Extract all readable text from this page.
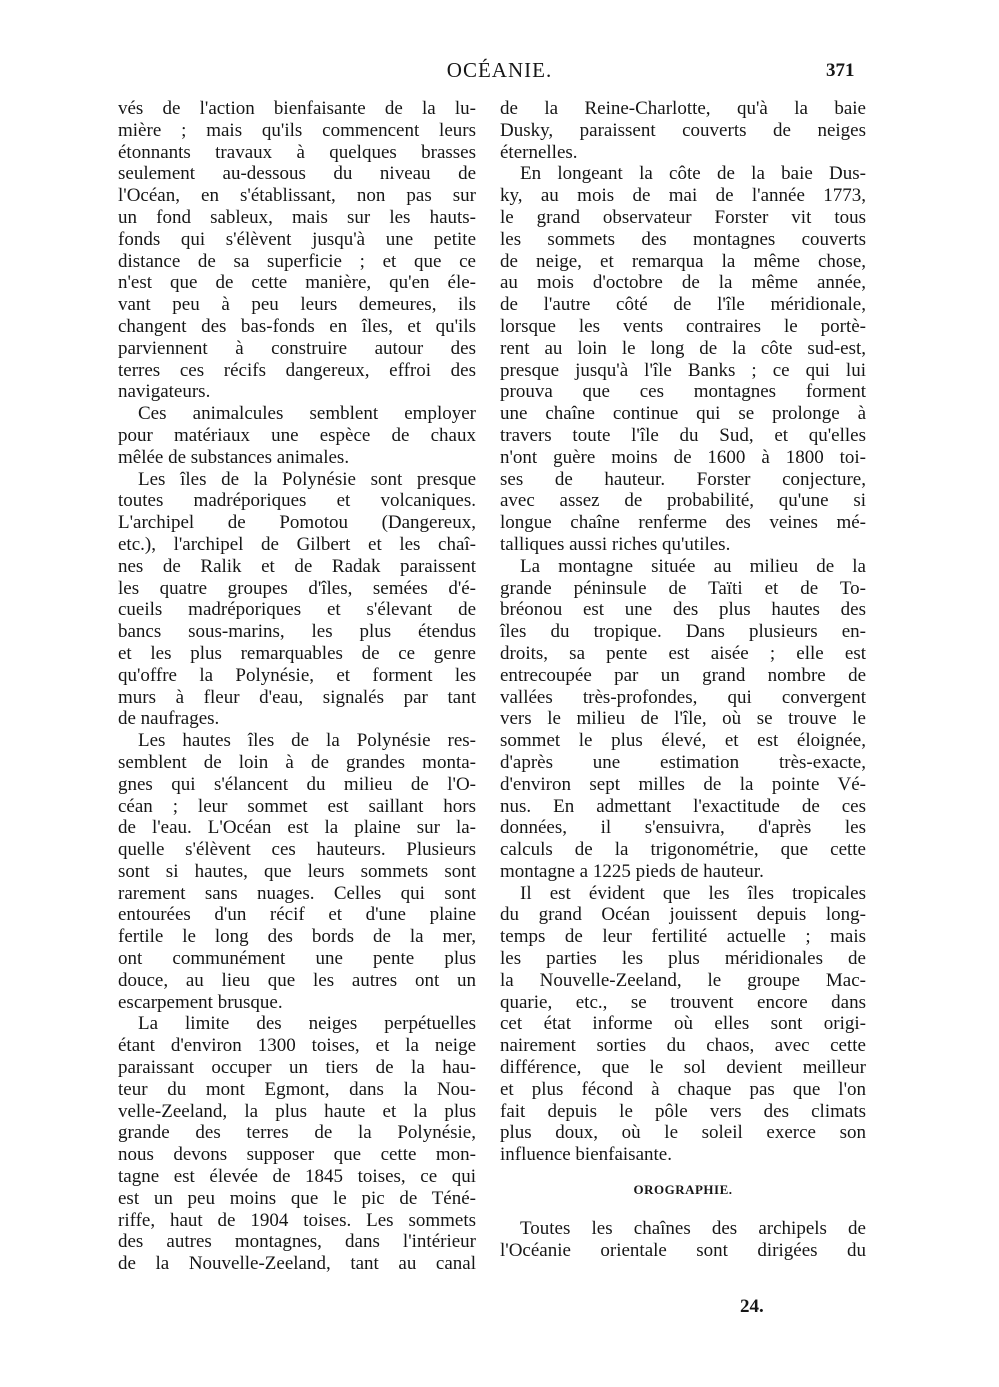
OCÉANIE.	371
vés de l'action bienfaisante de la lu-
mière ; mais qu'ils commencent leurs
étonnants travaux à quelques brasses
seulement au-dessous du niveau de
l'Océan, en s'établissant, non pas sur
un fond sableux, mais sur les hauts-
fonds qui s'élèvent jusqu'à une petite
distance de sa superficie ; et que ce
n'est que de cette manière, qu'en éle-
vant peu à peu leurs demeures, ils
changent des bas-fonds en îles, et qu'ils
parviennent à construire autour des
terres ces récifs dangereux, effroi des
navigateurs.
Ces animalcules semblent employer
pour matériaux une espèce de chaux
mêlée de substances animales.
Les îles de la Polynésie sont presque
toutes madréporiques et volcaniques.
L'archipel de Pomotou (Dangereux,
etc.), l'archipel de Gilbert et les chaî-
nes de Ralik et de Radak paraissent
les quatre groupes d'îles, semées d'é-
cueils madréporiques et s'élevant de
bancs sous-marins, les plus étendus
et les plus remarquables de ce genre
qu'offre la Polynésie, et forment les
murs à fleur d'eau, signalés par tant
de naufrages.
Les hautes îles de la Polynésie res-
semblent de loin à de grandes monta-
gnes qui s'élancent du milieu de l'O-
céan ; leur sommet est saillant hors
de l'eau. L'Océan est la plaine sur la-
quelle s'élèvent ces hauteurs. Plusieurs
sont si hautes, que leurs sommets sont
rarement sans nuages. Celles qui sont
entourées d'un récif et d'une plaine
fertile le long des bords de la mer,
ont communément une pente plus
douce, au lieu que les autres ont un
escarpement brusque.
La limite des neiges perpétuelles
étant d'environ 1300 toises, et la neige
paraissant occuper un tiers de la hau-
teur du mont Egmont, dans la Nou-
velle-Zeeland, la plus haute et la plus
grande des terres de la Polynésie,
nous devons supposer que cette mon-
tagne est élevée de 1845 toises, ce qui
est un peu moins que le pic de Téné-
riffe, haut de 1904 toises. Les sommets
des autres montagnes, dans l'intérieur
de la Nouvelle-Zeeland, tant au canal
de la Reine-Charlotte, qu'à la baie
Dusky, paraissent couverts de neiges
éternelles.
En longeant la côte de la baie Dus-
ky, au mois de mai de l'année 1773,
le grand observateur Forster vit tous
les sommets des montagnes couverts
de neige, et remarqua la même chose,
au mois d'octobre de la même année,
de l'autre côté de l'île méridionale,
lorsque les vents contraires le portè-
rent au loin le long de la côte sud-est,
presque jusqu'à l'île Banks ; ce qui lui
prouva que ces montagnes forment
une chaîne continue qui se prolonge à
travers toute l'île du Sud, et qu'elles
n'ont guère moins de 1600 à 1800 toi-
ses de hauteur. Forster conjecture,
avec assez de probabilité, qu'une si
longue chaîne renferme des veines mé-
talliques aussi riches qu'utiles.
La montagne située au milieu de la
grande péninsule de Taïti et de To-
bréonou est une des plus hautes des
îles du tropique. Dans plusieurs en-
droits, sa pente est aisée ; elle est
entrecoupée par un grand nombre de
vallées très-profondes, qui convergent
vers le milieu de l'île, où se trouve le
sommet le plus élevé, et est éloignée,
d'après une estimation très-exacte,
d'environ sept milles de la pointe Vé-
nus. En admettant l'exactitude de ces
données, il s'ensuivra, d'après les
calculs de la trigonométrie, que cette
montagne a 1225 pieds de hauteur.
Il est évident que les îles tropicales
du grand Océan jouissent depuis long-
temps de leur fertilité actuelle ; mais
les parties les plus méridionales de
la Nouvelle-Zeeland, le groupe Mac-
quarie, etc., se trouvent encore dans
cet état informe où elles sont origi-
nairement sorties du chaos, avec cette
différence, que le sol devient meilleur
et plus fécond à chaque pas que l'on
fait depuis le pôle vers des climats
plus doux, où le soleil exerce son
influence bienfaisante.
OROGRAPHIE.
Toutes les chaînes des archipels de
l'Océanie orientale sont dirigées du
24.
